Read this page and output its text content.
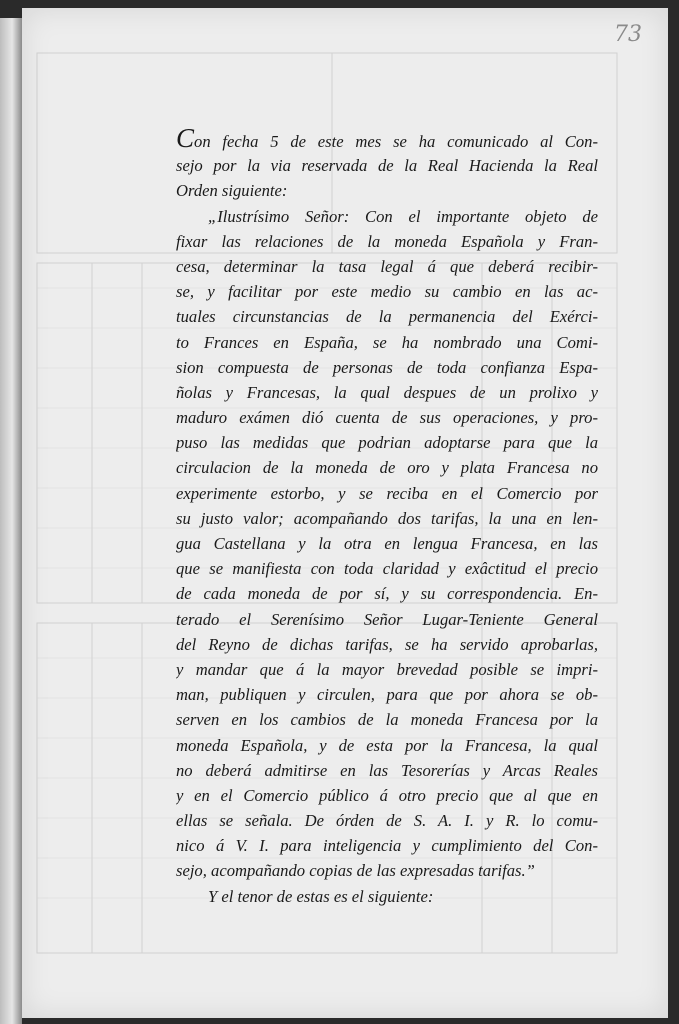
73
Con fecha 5 de este mes se ha comunicado al Con-
sejo por la via reservada de la Real Hacienda la Real
Orden siguiente:
„Ilustrísimo Señor: Con el importante objeto de
fixar las relaciones de la moneda Española y Fran-
cesa, determinar la tasa legal á que deberá recibir-
se, y facilitar por este medio su cambio en las ac-
tuales circunstancias de la permanencia del Exérci-
to Frances en España, se ha nombrado una Comi-
sion compuesta de personas de toda confianza Espa-
ñolas y Francesas, la qual despues de un prolixo y
maduro exámen dió cuenta de sus operaciones, y pro-
puso las medidas que podrian adoptarse para que la
circulacion de la moneda de oro y plata Francesa no
experimente estorbo, y se reciba en el Comercio por
su justo valor; acompañando dos tarifas, la una en len-
gua Castellana y la otra en lengua Francesa, en las
que se manifiesta con toda claridad y exâctitud el precio
de cada moneda de por sí, y su correspondencia. En-
terado el Serenísimo Señor Lugar-Teniente General
del Reyno de dichas tarifas, se ha servido aprobarlas,
y mandar que á la mayor brevedad posible se impri-
man, publiquen y circulen, para que por ahora se ob-
serven en los cambios de la moneda Francesa por la
moneda Española, y de esta por la Francesa, la qual
no deberá admitirse en las Tesorerías y Arcas Reales
y en el Comercio público á otro precio que al que en
ellas se señala. De órden de S. A. I. y R. lo comu-
nico á V. I. para inteligencia y cumplimiento del Con-
sejo, acompañando copias de las expresadas tarifas.”
Y el tenor de estas es el siguiente:
